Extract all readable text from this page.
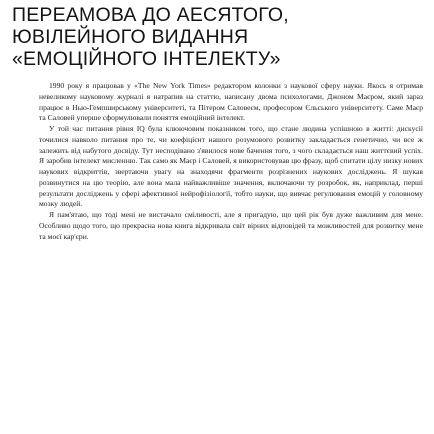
ПЕРЕАМОВА ДО АЕСЯТОГО,
ЮВІЛЕЙНОГО ВИДАННЯ
«ЕМОЦІЙНОГО ІНТЕЛЕКТУ»

1990 року я працював у «The New York Times» редактором колонки з наукової сферу науки. Якось я отримав невеликому науковому журналі я натрапив на статтю, написану двома психологами, Джоном Маєром, який зараз працює в Нью-Гемпширському університеті, та Пітером Саловеєм, професором Єльського університету. Саме Маєр та Саловей уперше сформулювали поняття емоційний інтелект.

У той час питання рівня IQ була клюючовим показником того, що стане людина успішною в житті: дискусії точилися навколо питання про те, чи коефіцієнт нашого розумового розвитку закладається генетично, чи все ж залежить від набутого досвіду. Тут несподівано з'явилося нове бачення того, з чого складається наш життєвий успіх. Я заробив інтелект мисленню. Так само як Маєр і Саловей, я використовував цю фразу, щоб спитати цілу низку нових наукових відкриттів, звертаючи увагу на знаходячи фрагменти розрізнених наукових досліджень. Я шукав розвинутися на цю теорію, але вона мала найважливіше значення, включаючи ту розробок, як, наприклад, перші результати досліджень у сфері афективної нейрофізіології, тобто науки, що вивчає регулювання емоцій у головному мозку людей.

Я пам'ятаю, що тоді мені не вистачало сміливості, але я пригадую, що цей рік був дуже важливим для мене. Особливо щодо того, що прекрасна нова книга відкривала світ вірних відповідей та можливостей для розвитку мене та моєї кар'єри.
